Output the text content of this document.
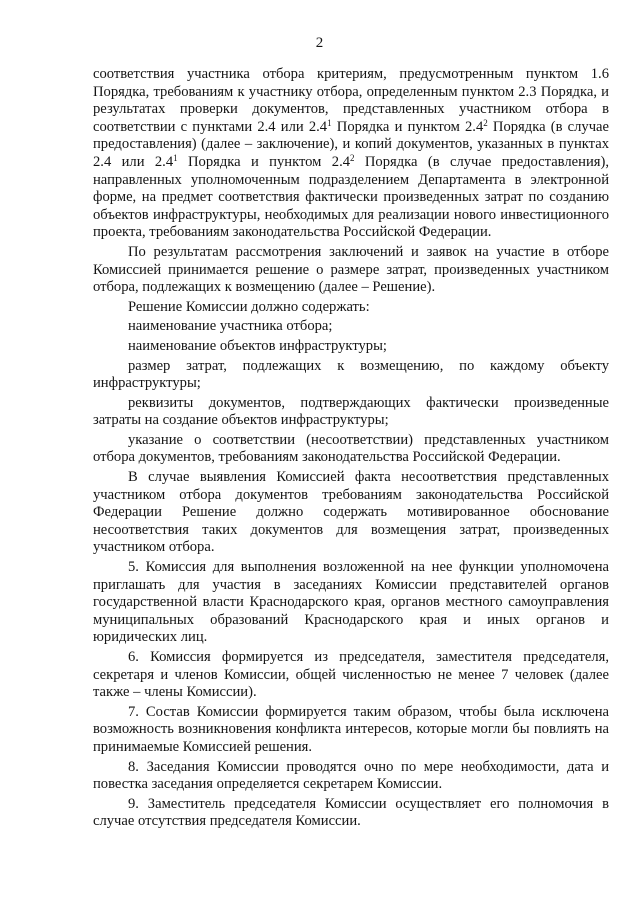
2

соответствия участника отбора критериям, предусмотренным пунктом 1.6 Порядка, требованиям к участнику отбора, определенным пунктом 2.3 Порядка, и результатах проверки документов, представленных участником отбора в соответствии с пунктами 2.4 или $2.4^1$ Порядка и пунктом $2.4^2$ Порядка (в случае предоставления) (далее – заключение), и копий документов, указанных в пунктах 2.4 или $2.4^1$ Порядка и пунктом $2.4^2$ Порядка (в случае предоставления), направленных уполномоченным подразделением Департамента в электронной форме, на предмет соответствия фактически произведенных затрат по созданию объектов инфраструктуры, необходимых для реализации нового инвестиционного проекта, требованиям законодательства Российской Федерации.

По результатам рассмотрения заключений и заявок на участие в отборе Комиссией принимается решение о размере затрат, произведенных участником отбора, подлежащих к возмещению (далее – Решение).

Решение Комиссии должно содержать:

наименование участника отбора;

наименование объектов инфраструктуры;

размер затрат, подлежащих к возмещению, по каждому объекту инфраструктуры;

реквизиты документов, подтверждающих фактически произведенные затраты на создание объектов инфраструктуры;

указание о соответствии (несоответствии) представленных участником отбора документов, требованиям законодательства Российской Федерации.

В случае выявления Комиссией факта несоответствия представленных участником отбора документов требованиям законодательства Российской Федерации Решение должно содержать мотивированное обоснование несоответствия таких документов для возмещения затрат, произведенных участником отбора.

5. Комиссия для выполнения возложенной на нее функции уполномочена приглашать для участия в заседаниях Комиссии представителей органов государственной власти Краснодарского края, органов местного самоуправления муниципальных образований Краснодарского края и иных органов и юридических лиц.

6. Комиссия формируется из председателя, заместителя председателя, секретаря и членов Комиссии, общей численностью не менее 7 человек (далее также – члены Комиссии).

7. Состав Комиссии формируется таким образом, чтобы была исключена возможность возникновения конфликта интересов, которые могли бы повлиять на принимаемые Комиссией решения.

8. Заседания Комиссии проводятся очно по мере необходимости, дата и повестка заседания определяется секретарем Комиссии.

9. Заместитель председателя Комиссии осуществляет его полномочия в случае отсутствия председателя Комиссии.
